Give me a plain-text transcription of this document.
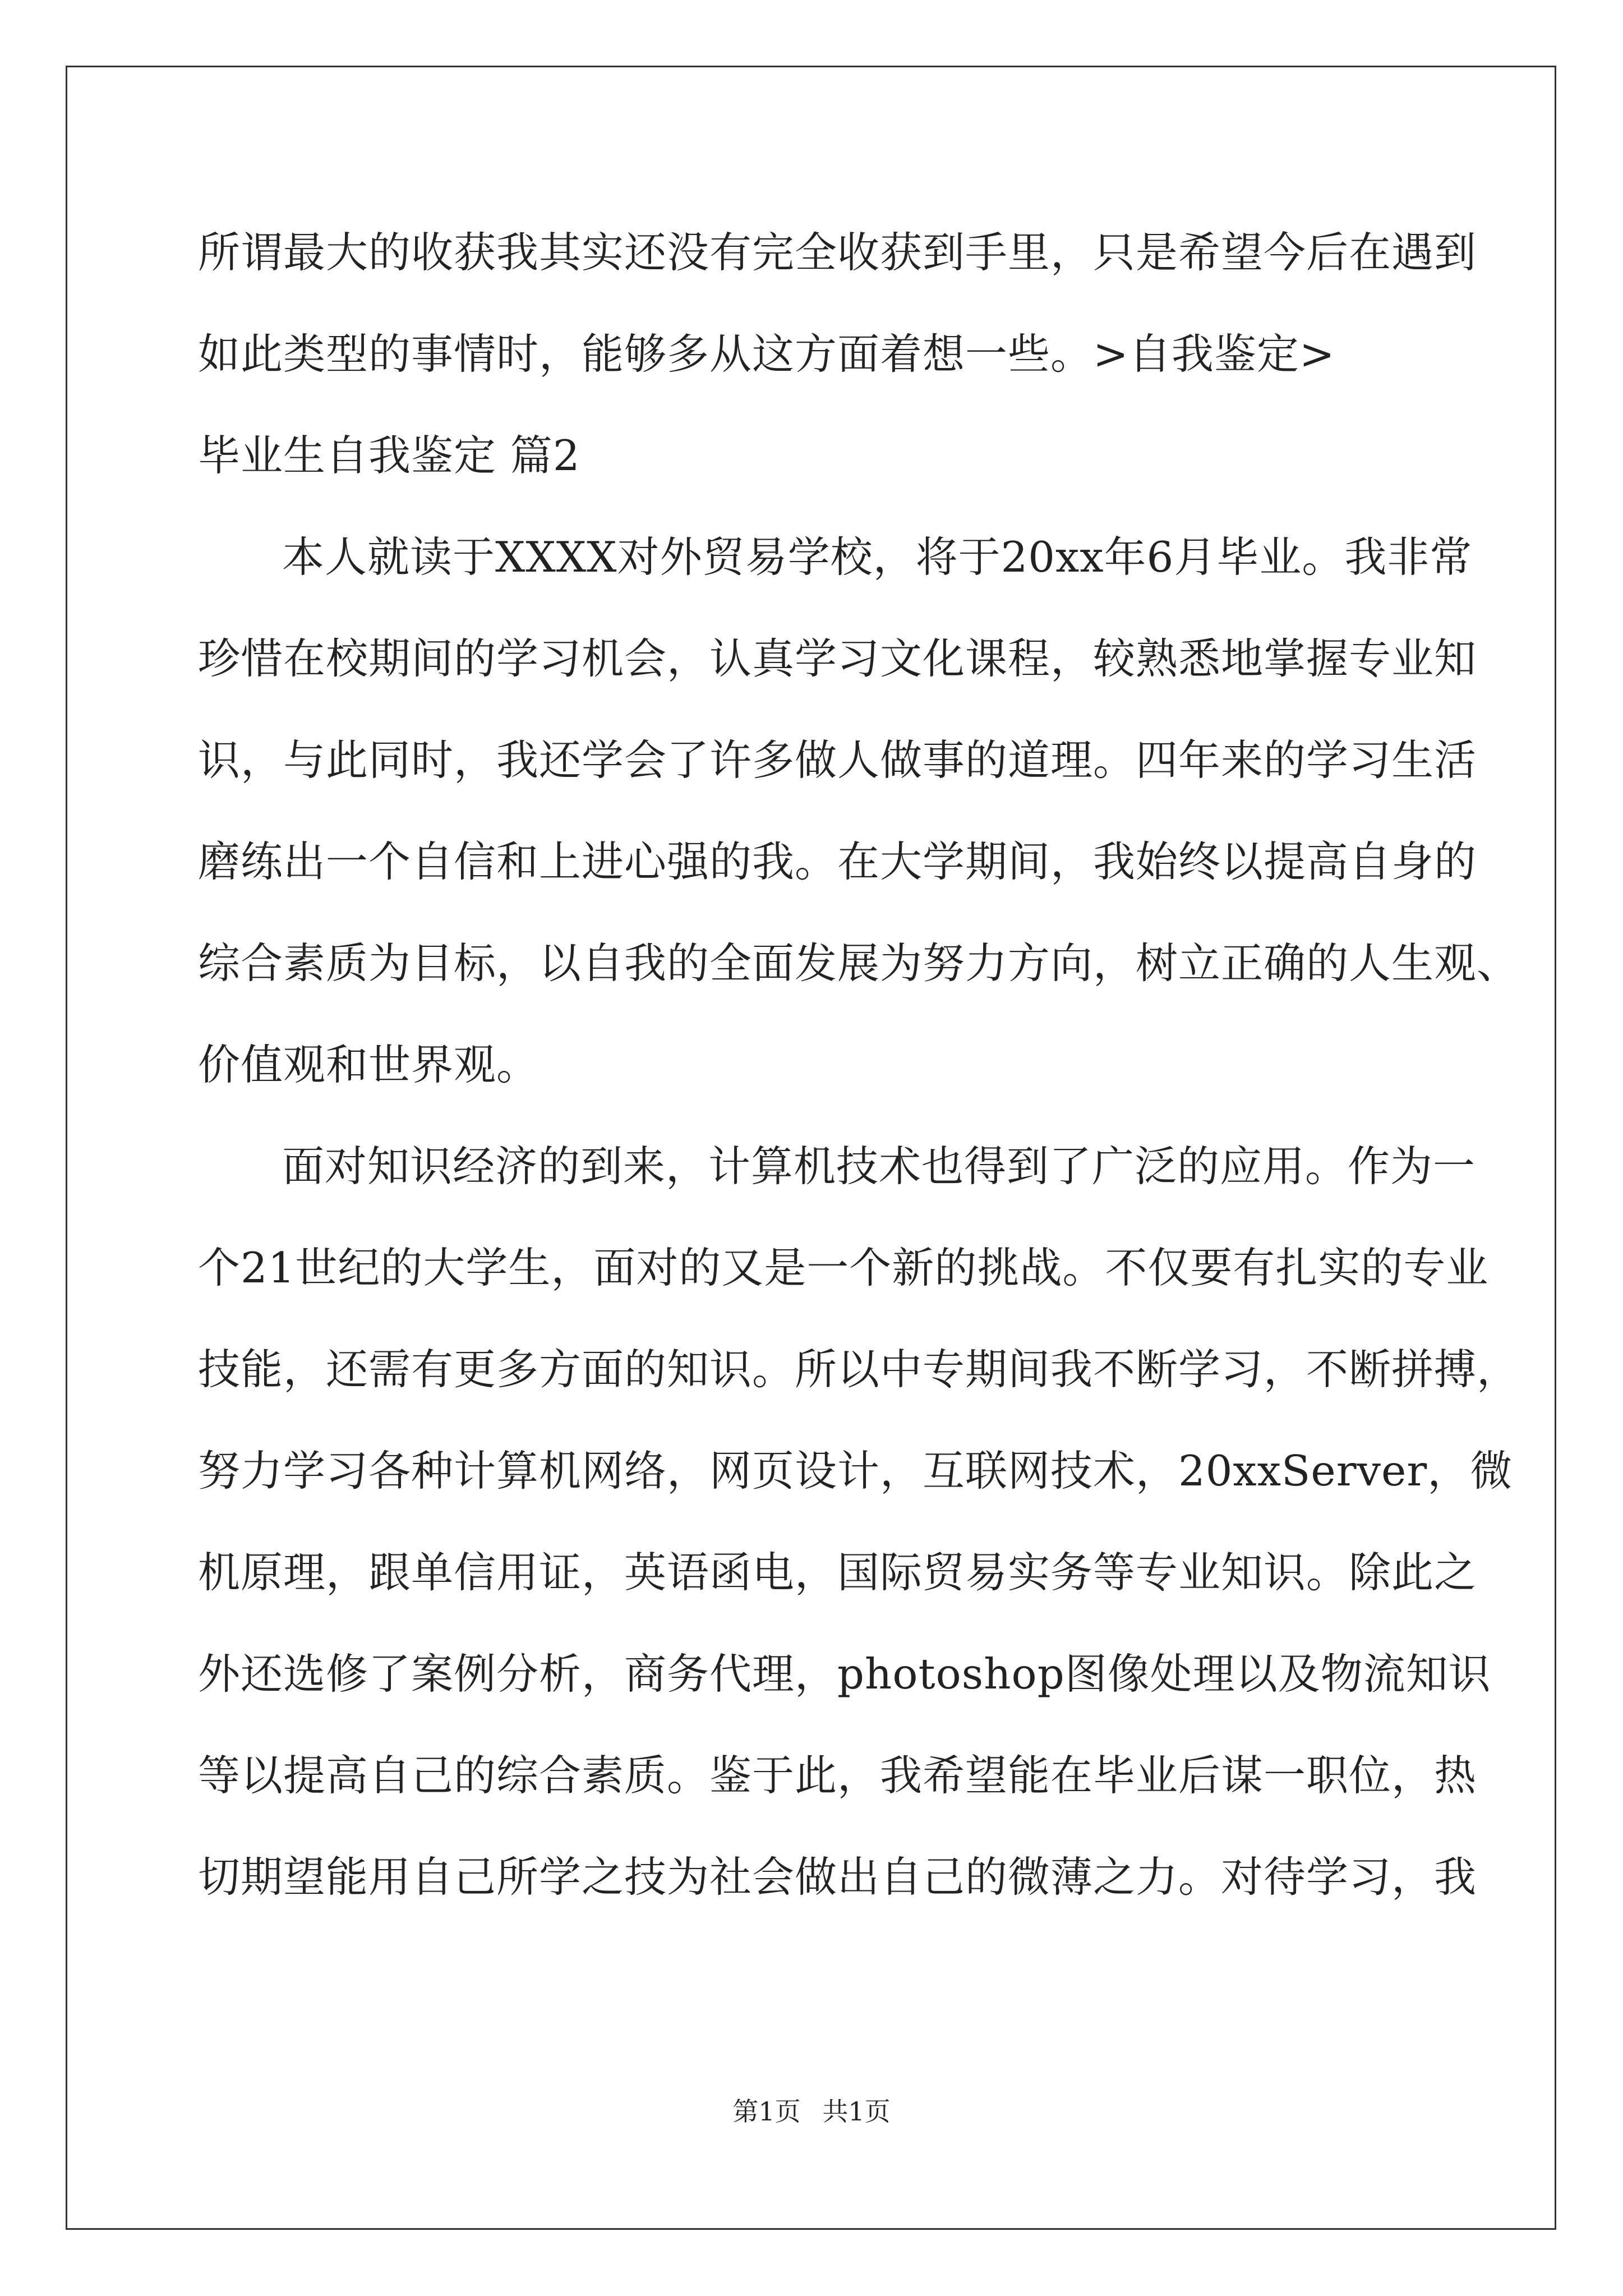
所谓最大的收获我其实还没有完全收获到手里，只是希望今后在遇到
如此类型的事情时，能够多从这方面着想一些。>自我鉴定>
毕业生自我鉴定 篇2
本人就读于XXXX对外贸易学校，将于20xx年6月毕业。我非常
珍惜在校期间的学习机会，认真学习文化课程，较熟悉地掌握专业知
识，与此同时，我还学会了许多做人做事的道理。四年来的学习生活
磨练出一个自信和上进心强的我。在大学期间，我始终以提高自身的
综合素质为目标，以自我的全面发展为努力方向，树立正确的人生观、
价值观和世界观。
面对知识经济的到来，计算机技术也得到了广泛的应用。作为一
个21世纪的大学生，面对的又是一个新的挑战。不仅要有扎实的专业
技能，还需有更多方面的知识。所以中专期间我不断学习，不断拼搏，
努力学习各种计算机网络，网页设计，互联网技术，20xxServer，微
机原理，跟单信用证，英语函电，国际贸易实务等专业知识。除此之
外还选修了案例分析，商务代理，photoshop图像处理以及物流知识
等以提高自己的综合素质。鉴于此，我希望能在毕业后谋一职位，热
切期望能用自己所学之技为社会做出自己的微薄之力。对待学习，我
第1页 共1页
